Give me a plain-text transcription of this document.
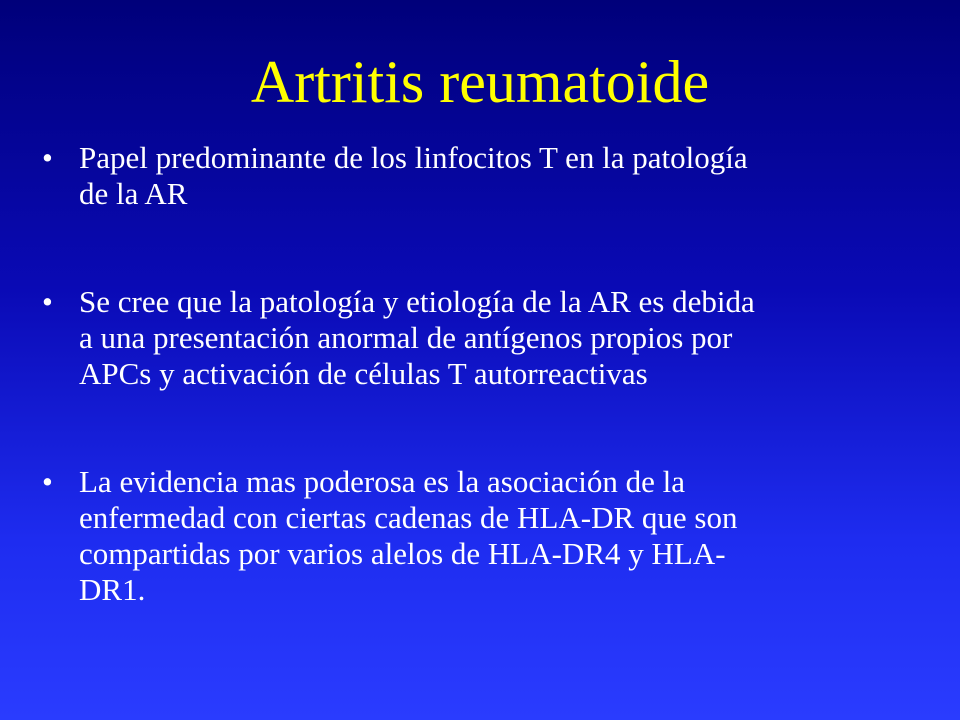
Artritis reumatoide
• Papel predominante de los linfocitos T en la patología
de la AR
• Se cree que la patología y etiología de la AR es debida
a una presentación anormal de antígenos propios por
APCs y activación de células T autorreactivas
• La evidencia mas poderosa es la asociación de la
enfermedad con ciertas cadenas de HLA-DR que son
compartidas por varios alelos de HLA-DR4 y HLA-
DR1.
